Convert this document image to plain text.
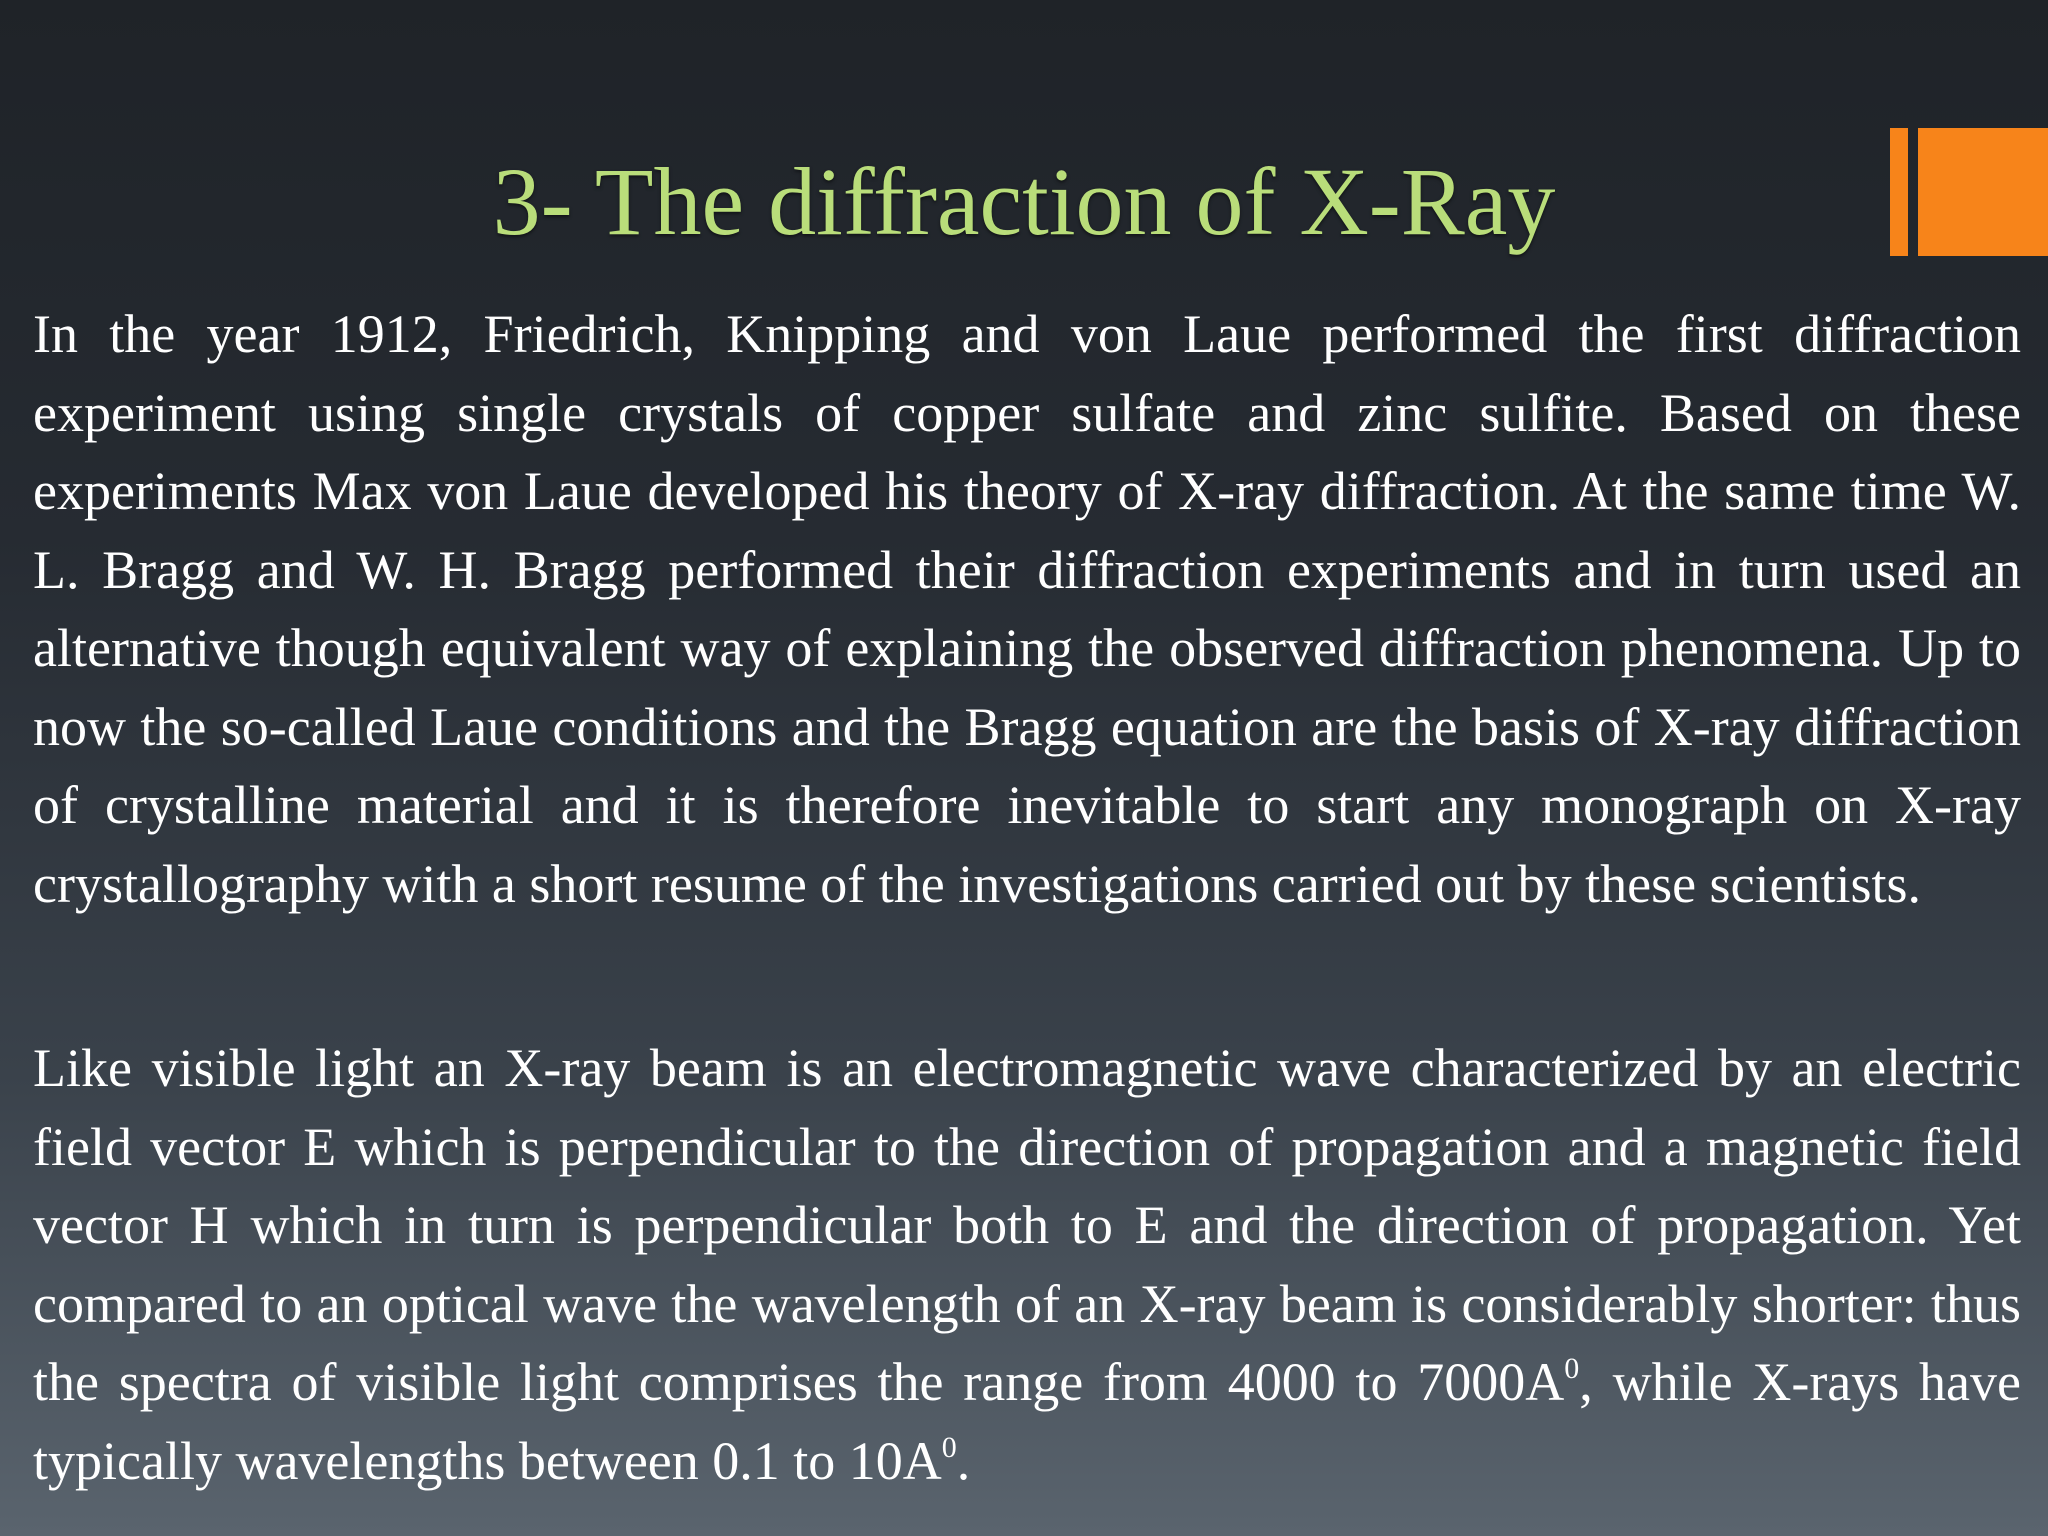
3- The diffraction of X-Ray

In the year 1912, Friedrich, Knipping and von Laue performed the first diffraction experiment using single crystals of copper sulfate and zinc sulfite. Based on these experiments Max von Laue developed his theory of X-ray diffraction. At the same time W. L. Bragg and W. H. Bragg performed their diffraction experiments and in turn used an alternative though equivalent way of explaining the observed diffraction phenomena. Up to now the so-called Laue conditions and the Bragg equation are the basis of X-ray diffraction of crystalline material and it is therefore inevitable to start any monograph on X-ray crystallography with a short resume of the investigations carried out by these scientists.

Like visible light an X-ray beam is an electromagnetic wave characterized by an electric field vector E which is perpendicular to the direction of propagation and a magnetic field vector H which in turn is perpendicular both to E and the direction of propagation. Yet compared to an optical wave the wavelength of an X-ray beam is considerably shorter: thus the spectra of visible light comprises the range from 4000 to $7000A^0$, while X-rays have typically wavelengths between 0.1 to $10A^0$.
